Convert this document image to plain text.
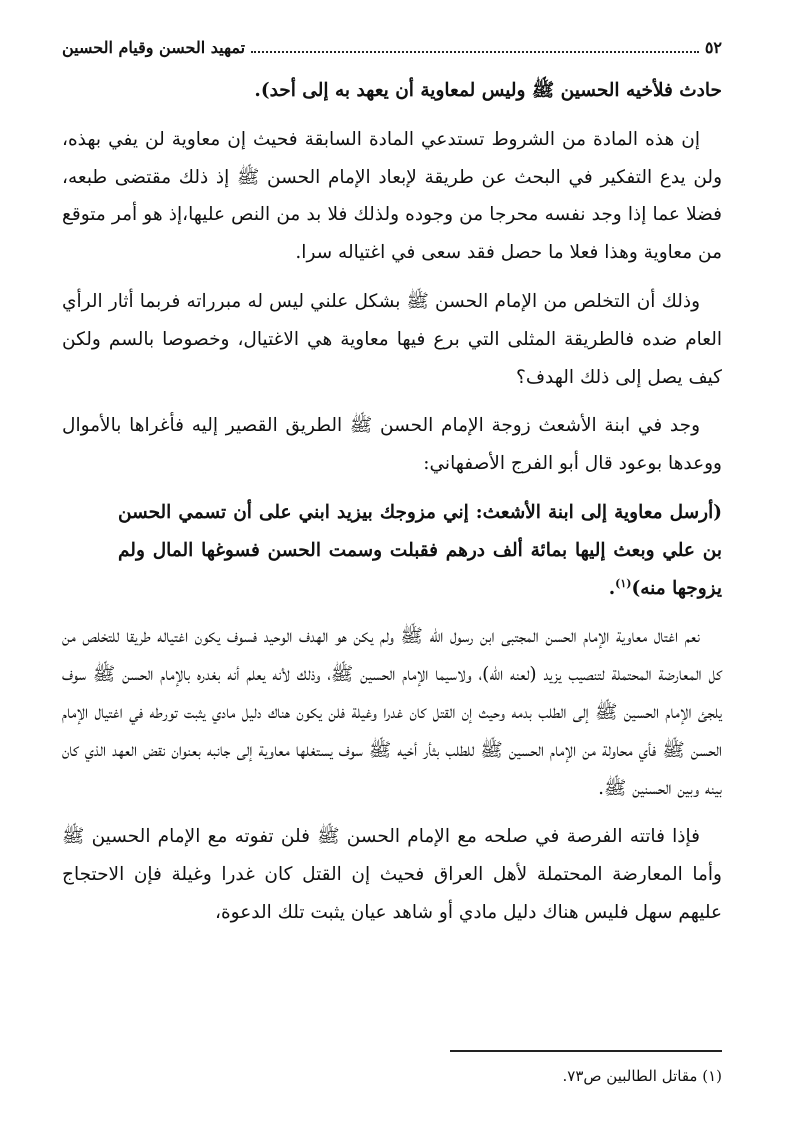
٥٢
تمهيد الحسن وقيام الحسين

حادث فلأخيه الحسين ﷺ وليس لمعاوية أن يعهد به إلى أحد).

إن هذه المادة من الشروط تستدعي المادة السابقة فحيث إن معاوية لن يفي بهذه، ولن يدع التفكير في البحث عن طريقة لإبعاد الإمام الحسن ﷺ إذ ذلك مقتضى طبعه، فضلا عما إذا وجد نفسه محرجا من وجوده ولذلك فلا بد من النص عليها،إذ هو أمر متوقع من معاوية وهذا فعلا ما حصل فقد سعى في اغتياله سرا.

وذلك أن التخلص من الإمام الحسن ﷺ بشكل علني ليس له مبرراته فربما أثار الرأي العام ضده فالطريقة المثلى التي برع فيها معاوية هي الاغتيال، وخصوصا بالسم ولكن كيف يصل إلى ذلك الهدف؟

وجد في ابنة الأشعث زوجة الإمام الحسن ﷺ الطريق القصير إليه فأغراها بالأموال ووعدها بوعود قال أبو الفرج الأصفهاني:

(أرسل معاوية إلى ابنة الأشعث: إني مزوجك بيزيد ابني على أن تسمي الحسن بن علي وبعث إليها بمائة ألف درهم فقبلت وسمت الحسن فسوغها المال ولم يزوجها منه)$^{(١)}$.

نعم اغتال معاوية الإمام الحسن المجتبى ابن رسول الله ﷺ ولم يكن هو الهدف الوحيد فسوف يكون اغتياله طريقا للتخلص من كل المعارضة المحتملة لتنصيب يزيد (لعنه الله)، ولاسيما الإمام الحسين ﷺ، وذلك لأنه يعلم أنه بغدره بالإمام الحسن ﷺ سوف يلجئ الإمام الحسين ﷺ إلى الطلب بدمه وحيث إن القتل كان غدرا وغيلة فلن يكون هناك دليل مادي يثبت تورطه في اغتيال الإمام الحسن ﷺ فأي محاولة من الإمام الحسين ﷺ للطلب بثأر أخيه ﷺ سوف يستغلها معاوية إلى جانبه بعنوان نقض العهد الذي كان بينه وبين الحسنين ﷺ.

فإذا فاتته الفرصة في صلحه مع الإمام الحسن ﷺ فلن تفوته مع الإمام الحسين ﷺ وأما المعارضة المحتملة لأهل العراق فحيث إن القتل كان غدرا وغيلة فإن الاحتجاج عليهم سهل فليس هناك دليل مادي أو شاهد عيان يثبت تلك الدعوة،

(١) مقاتل الطالبين ص٧٣.
